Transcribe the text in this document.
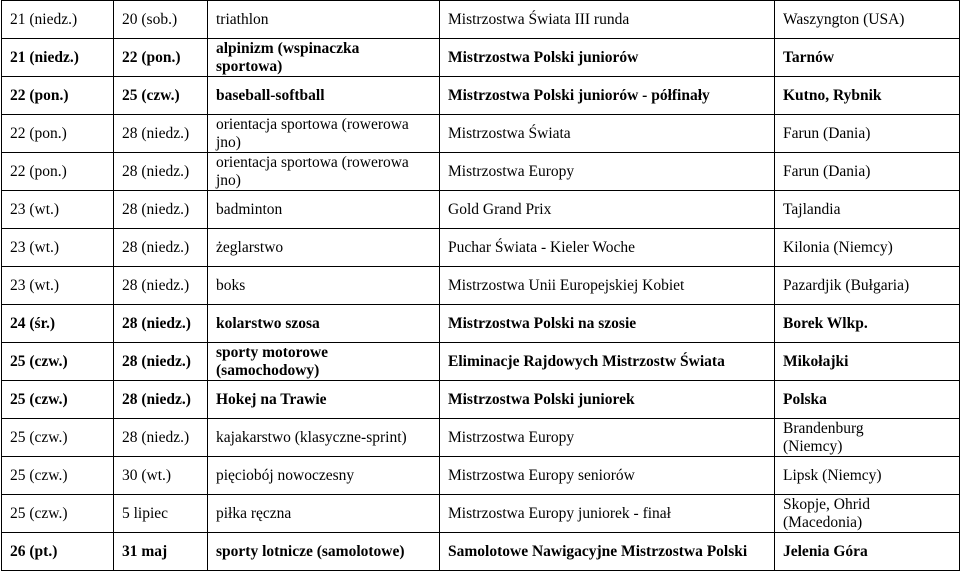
21 (niedz.)	20 (sob.)	triathlon	Mistrzostwa Świata III runda	Waszyngton (USA)

21 (niedz.)	22 (pon.)	alpinizm (wspinaczka
sportowa)	Mistrzostwa Polski juniorów	Tarnów

22 (pon.)	25 (czw.)	baseball-softball	Mistrzostwa Polski juniorów - półfinały	Kutno, Rybnik

22 (pon.)	28 (niedz.)	orientacja sportowa (rowerowa
jno)	Mistrzostwa Świata	Farun (Dania)

22 (pon.)	28 (niedz.)	orientacja sportowa (rowerowa
jno)	Mistrzostwa Europy	Farun (Dania)

23 (wt.)	28 (niedz.)	badminton	Gold Grand Prix	Tajlandia

23 (wt.)	28 (niedz.)	żeglarstwo	Puchar Świata - Kieler Woche	Kilonia (Niemcy)

23 (wt.)	28 (niedz.)	boks	Mistrzostwa Unii Europejskiej Kobiet	Pazardjik (Bułgaria)

24 (śr.)	28 (niedz.)	kolarstwo szosa	Mistrzostwa Polski na szosie	Borek Wlkp.

25 (czw.)	28 (niedz.)	sporty motorowe
(samochodowy)	Eliminacje Rajdowych Mistrzostw Świata	Mikołajki

25 (czw.)	28 (niedz.)	Hokej na Trawie	Mistrzostwa Polski juniorek	Polska

25 (czw.)	28 (niedz.)	kajakarstwo (klasyczne-sprint)	Mistrzostwa Europy	Brandenburg
(Niemcy)

25 (czw.)	30 (wt.)	pięciobój nowoczesny	Mistrzostwa Europy seniorów	Lipsk (Niemcy)

25 (czw.)	5 lipiec	piłka ręczna	Mistrzostwa Europy juniorek - finał	Skopje, Ohrid
(Macedonia)

26 (pt.)	31 maj	sporty lotnicze (samolotowe)	Samolotowe Nawigacyjne Mistrzostwa Polski	Jelenia Góra
